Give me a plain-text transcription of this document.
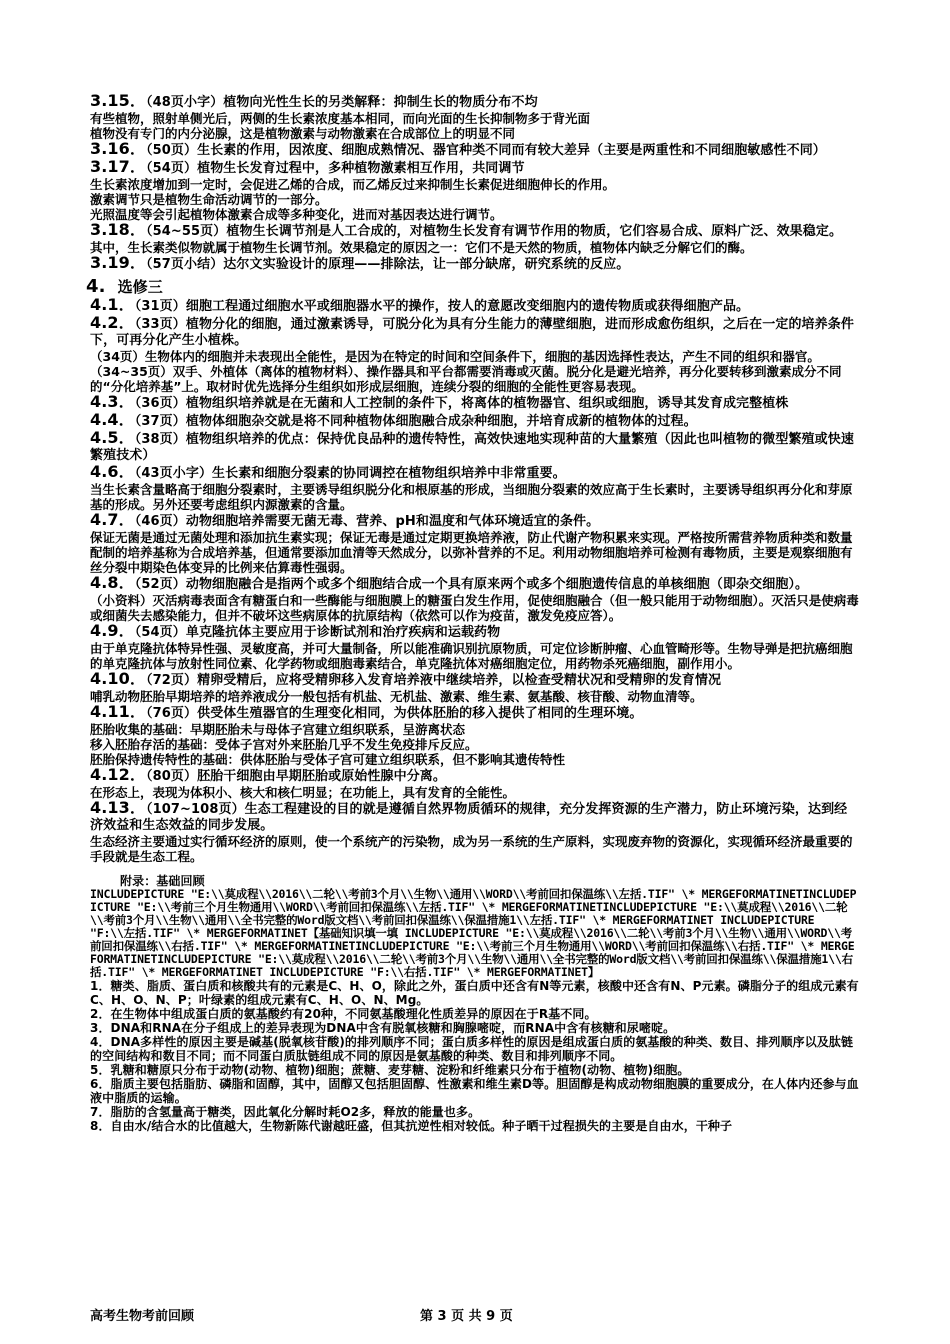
3.15．（48页小字）植物向光性生长的另类解释：抑制生长的物质分布不均

有些植物，照射单侧光后，两侧的生长素浓度基本相同，而向光面的生长抑制物多于背光面

植物没有专门的内分泌腺，这是植物激素与动物激素在合成部位上的明显不同

3.16．（50页）生长素的作用，因浓度、细胞成熟情况、器官种类不同而有较大差异（主要是两重性和不同细胞敏感性不同）

3.17．（54页）植物生长发育过程中，多种植物激素相互作用，共同调节

生长素浓度增加到一定时，会促进乙烯的合成，而乙烯反过来抑制生长素促进细胞伸长的作用。

激素调节只是植物生命活动调节的一部分。

光照温度等会引起植物体激素合成等多种变化，进而对基因表达进行调节。

3.18．（54~55页）植物生长调节剂是人工合成的，对植物生长发育有调节作用的物质，它们容易合成、原料广泛、效果稳定。

其中，生长素类似物就属于植物生长调节剂。效果稳定的原因之一：它们不是天然的物质，植物体内缺乏分解它们的酶。

3.19．（57页小结）达尔文实验设计的原理——排除法，让一部分缺席，研究系统的反应。

4. 选修三

4.1．（31页）细胞工程通过细胞水平或细胞器水平的操作，按人的意愿改变细胞内的遗传物质或获得细胞产品。

4.2．（33页）植物分化的细胞，通过激素诱导，可脱分化为具有分生能力的薄壁细胞，进而形成愈伤组织，之后在一定的培养条件下，可再分化产生小植株。

（34页）生物体内的细胞并未表现出全能性，是因为在特定的时间和空间条件下，细胞的基因选择性表达，产生不同的组织和器官。

（34~35页）双手、外植体（离体的植物材料）、操作器具和平台都需要消毒或灭菌。脱分化是避光培养，再分化要转移到激素成分不同的“分化培养基”上。取材时优先选择分生组织如形成层细胞，连续分裂的细胞的全能性更容易表现。

4.3．（36页）植物组织培养就是在无菌和人工控制的条件下，将离体的植物器官、组织或细胞，诱导其发育成完整植株

4.4．（37页）植物体细胞杂交就是将不同种植物体细胞融合成杂种细胞，并培育成新的植物体的过程。

4.5．（38页）植物组织培养的优点：保持优良品种的遗传特性，高效快速地实现种苗的大量繁殖（因此也叫植物的微型繁殖或快速繁殖技术）

4.6．（43页小字）生长素和细胞分裂素的协同调控在植物组织培养中非常重要。

当生长素含量略高于细胞分裂素时，主要诱导组织脱分化和根原基的形成，当细胞分裂素的效应高于生长素时，主要诱导组织再分化和芽原基的形成。另外还要考虑组织内源激素的含量。

4.7．（46页）动物细胞培养需要无菌无毒、营养、pH和温度和气体环境适宜的条件。

保证无菌是通过无菌处理和添加抗生素实现；保证无毒是通过定期更换培养液，防止代谢产物积累来实现。严格按所需营养物质种类和数量配制的培养基称为合成培养基，但通常要添加血清等天然成分，以弥补营养的不足。利用动物细胞培养可检测有毒物质，主要是观察细胞有丝分裂中期染色体变异的比例来估算毒性强弱。

4.8．（52页）动物细胞融合是指两个或多个细胞结合成一个具有原来两个或多个细胞遗传信息的单核细胞（即杂交细胞）。

（小资料）灭活病毒表面含有糖蛋白和一些酶能与细胞膜上的糖蛋白发生作用，促使细胞融合（但一般只能用于动物细胞）。灭活只是使病毒或细菌失去感染能力，但并不破坏这些病原体的抗原结构（依然可以作为疫苗，激发免疫应答）。

4.9．（54页）单克隆抗体主要应用于诊断试剂和治疗疾病和运载药物

由于单克隆抗体特异性强、灵敏度高，并可大量制备，所以能准确识别抗原物质，可定位诊断肿瘤、心血管畸形等。生物导弹是把抗癌细胞的单克隆抗体与放射性同位素、化学药物或细胞毒素结合，单克隆抗体对癌细胞定位，用药物杀死癌细胞，副作用小。

4.10．（72页）精卵受精后，应将受精卵移入发育培养液中继续培养，以检查受精状况和受精卵的发育情况

哺乳动物胚胎早期培养的培养液成分一般包括有机盐、无机盐、激素、维生素、氨基酸、核苷酸、动物血清等。

4.11．（76页）供受体生殖器官的生理变化相同，为供体胚胎的移入提供了相同的生理环境。

胚胎收集的基础：早期胚胎未与母体子宫建立组织联系，呈游离状态

移入胚胎存活的基础：受体子宫对外来胚胎几乎不发生免疫排斥反应。

胚胎保持遗传特性的基础：供体胚胎与受体子宫可建立组织联系，但不影响其遗传特性

4.12．（80页）胚胎干细胞由早期胚胎或原始性腺中分离。

在形态上，表现为体积小、核大和核仁明显；在功能上，具有发育的全能性。

4.13．（107~108页）生态工程建设的目的就是遵循自然界物质循环的规律，充分发挥资源的生产潜力，防止环境污染，达到经济效益和生态效益的同步发展。

生态经济主要通过实行循环经济的原则，使一个系统产的污染物，成为另一系统的生产原料，实现废弃物的资源化，实现循环经济最重要的手段就是生态工程。

附录：基础回顾

INCLUDEPICTURE "E:\\莫成程\\2016\\二轮\\考前3个月\\生物\\通用\\WORD\\考前回扣保温练\\左括.TIF" \* MERGEFORMATINETINCLUDEPICTURE "E:\\考前三个月生物通用\\WORD\\考前回扣保温练\\左括.TIF" \* MERGEFORMATINETINCLUDEPICTURE "E:\\莫成程\\2016\\二轮\\考前3个月\\生物\\通用\\全书完整的Word版文档\\考前回扣保温练\\保温措施1\\左括.TIF" \* MERGEFORMATINET INCLUDEPICTURE "F:\\左括.TIF" \* MERGEFORMATINET【基础知识填一填 INCLUDEPICTURE "E:\\莫成程\\2016\\二轮\\考前3个月\\生物\\通用\\WORD\\考前回扣保温练\\右括.TIF" \* MERGEFORMATINETINCLUDEPICTURE "E:\\考前三个月生物通用\\WORD\\考前回扣保温练\\右括.TIF" \* MERGEFORMATINETINCLUDEPICTURE "E:\\莫成程\\2016\\二轮\\考前3个月\\生物\\通用\\全书完整的Word版文档\\考前回扣保温练\\保温措施1\\右括.TIF" \* MERGEFORMATINET INCLUDEPICTURE "F:\\右括.TIF" \* MERGEFORMATINET】

1．糖类、脂质、蛋白质和核酸共有的元素是C、H、O，除此之外，蛋白质中还含有N等元素，核酸中还含有N、P元素。磷脂分子的组成元素有C、H、O、N、P；叶绿素的组成元素有C、H、O、N、Mg。

2．在生物体中组成蛋白质的氨基酸约有20种，不同氨基酸理化性质差异的原因在于R基不同。

3．DNA和RNA在分子组成上的差异表现为DNA中含有脱氧核糖和胸腺嘧啶，而RNA中含有核糖和尿嘧啶。

4．DNA多样性的原因主要是碱基(脱氧核苷酸)的排列顺序不同；蛋白质多样性的原因是组成蛋白质的氨基酸的种类、数目、排列顺序以及肽链的空间结构和数目不同；而不同蛋白质肽链组成不同的原因是氨基酸的种类、数目和排列顺序不同。

5．乳糖和糖原只分布于动物(动物、植物)细胞；蔗糖、麦芽糖、淀粉和纤维素只分布于植物(动物、植物)细胞。

6．脂质主要包括脂肪、磷脂和固醇，其中，固醇又包括胆固醇、性激素和维生素D等。胆固醇是构成动物细胞膜的重要成分，在人体内还参与血液中脂质的运输。

7．脂肪的含氢量高于糖类，因此氧化分解时耗O2多，释放的能量也多。

8．自由水/结合水的比值越大，生物新陈代谢越旺盛，但其抗逆性相对较低。种子晒干过程损失的主要是自由水，干种子

高考生物考前回顾	第 3 页 共 9 页
